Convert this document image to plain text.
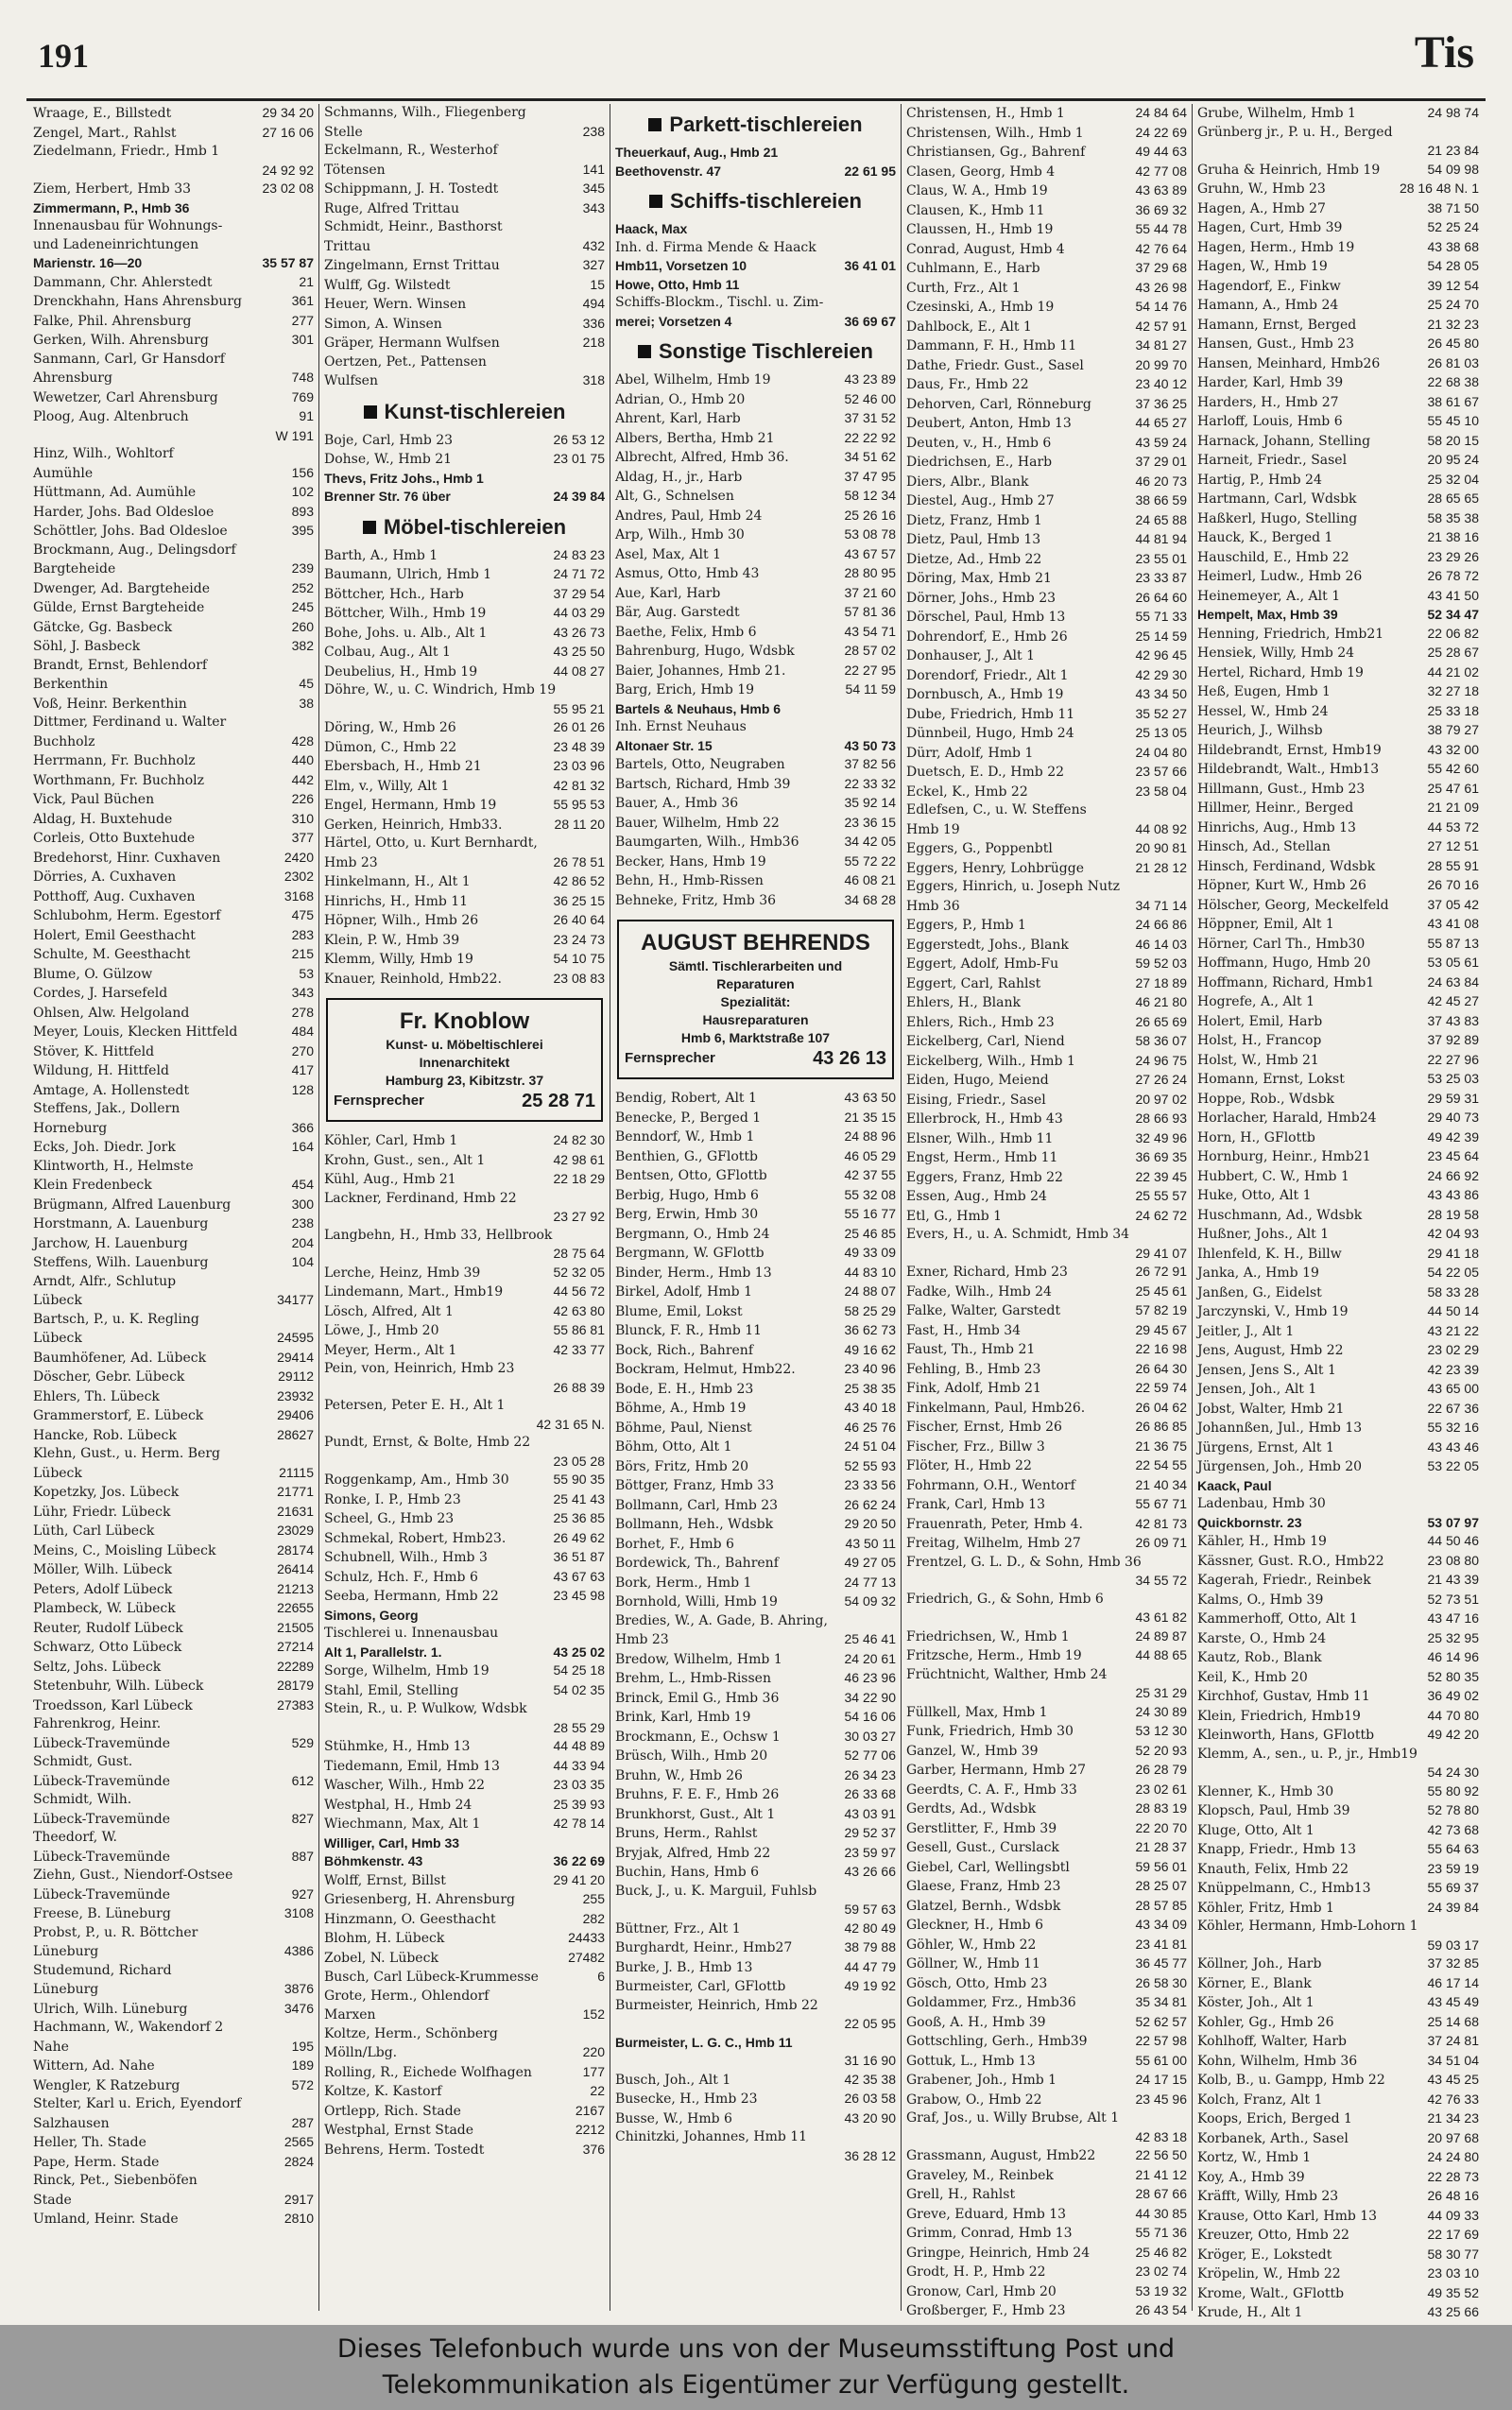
191	Tis
Wraage, E., Billstedt	29 34 20
Zengel, Mart., Rahlst	27 16 06
Ziedelmann, Friedr., Hmb 1
24 92 92
Ziem, Herbert, Hmb 33	23 02 08
Zimmermann, P., Hmb 36
Innenausbau für Wohnungs-
und Ladeneinrichtungen
Marienstr. 16—20	35 57 87
Dammann, Chr. Ahlerstedt	21
Drenckhahn, Hans Ahrensburg	361
Falke, Phil. Ahrensburg	277
Gerken, Wilh. Ahrensburg	301
Sanmann, Carl, Gr Hansdorf
Ahrensburg	748
Wewetzer, Carl Ahrensburg	769
Ploog, Aug. Altenbruch	91
W 191
Hinz, Wilh., Wohltorf
Aumühle	156
Hüttmann, Ad. Aumühle	102
Harder, Johs. Bad Oldesloe	893
Schöttler, Johs. Bad Oldesloe	395
Brockmann, Aug., Delingsdorf
Bargteheide	239
Dwenger, Ad. Bargteheide	252
Gülde, Ernst Bargteheide	245
Gätcke, Gg. Basbeck	260
Söhl, J. Basbeck	382
Brandt, Ernst, Behlendorf
Berkenthin	45
Voß, Heinr. Berkenthin	38
Dittmer, Ferdinand u. Walter
Buchholz	428
Herrmann, Fr. Buchholz	440
Worthmann, Fr. Buchholz	442
Vick, Paul Büchen	226
Aldag, H. Buxtehude	310
Corleis, Otto Buxtehude	377
Bredehorst, Hinr. Cuxhaven	2420
Dörries, A. Cuxhaven	2302
Potthoff, Aug. Cuxhaven	3168
Schlubohm, Herm. Egestorf	475
Holert, Emil Geesthacht	283
Schulte, M. Geesthacht	215
Blume, O. Gülzow	53
Cordes, J. Harsefeld	343
Ohlsen, Alw. Helgoland	278
Meyer, Louis, Klecken Hittfeld	484
Stöver, K. Hittfeld	270
Wildung, H. Hittfeld	417
Amtage, A. Hollenstedt	128
Steffens, Jak., Dollern
Horneburg	366
Ecks, Joh. Diedr. Jork	164
Klintworth, H., Helmste
Klein Fredenbeck	454
Brügmann, Alfred Lauenburg	300
Horstmann, A. Lauenburg	238
Jarchow, H. Lauenburg	204
Steffens, Wilh. Lauenburg	104
Arndt, Alfr., Schlutup
Lübeck	34177
Bartsch, P., u. K. Regling
Lübeck	24595
Baumhöfener, Ad. Lübeck	29414
Döscher, Gebr. Lübeck	29112
Ehlers, Th. Lübeck	23932
Grammerstorf, E. Lübeck	29406
Hancke, Rob. Lübeck	28627
Klehn, Gust., u. Herm. Berg
Lübeck	21115
Kopetzky, Jos. Lübeck	21771
Lühr, Friedr. Lübeck	21631
Lüth, Carl Lübeck	23029
Meins, C., Moisling Lübeck	28174
Möller, Wilh. Lübeck	26414
Peters, Adolf Lübeck	21213
Plambeck, W. Lübeck	22655
Reuter, Rudolf Lübeck	21505
Schwarz, Otto Lübeck	27214
Seltz, Johs. Lübeck	22289
Stetenbuhr, Wilh. Lübeck	28179
Troedsson, Karl Lübeck	27383
Fahrenkrog, Heinr.
Lübeck-Travemünde	529
Schmidt, Gust.
Lübeck-Travemünde	612
Schmidt, Wilh.
Lübeck-Travemünde	827
Theedorf, W.
Lübeck-Travemünde	887
Ziehn, Gust., Niendorf-Ostsee
Lübeck-Travemünde	927
Freese, B. Lüneburg	3108
Probst, P., u. R. Böttcher
Lüneburg	4386
Studemund, Richard
Lüneburg	3876
Ulrich, Wilh. Lüneburg	3476
Hachmann, W., Wakendorf 2
Nahe	195
Wittern, Ad. Nahe	189
Wengler, K Ratzeburg	572
Stelter, Karl u. Erich, Eyendorf
Salzhausen	287
Heller, Th. Stade	2565
Pape, Herm. Stade	2824
Rinck, Pet., Siebenböfen
Stade	2917
Umland, Heinr. Stade	2810
Schmanns, Wilh., Fliegenberg
Stelle	238
Eckelmann, R., Westerhof
Tötensen	141
Schippmann, J. H. Tostedt	345
Ruge, Alfred Trittau	343
Schmidt, Heinr., Basthorst
Trittau	432
Zingelmann, Ernst Trittau	327
Wulff, Gg. Wilstedt	15
Heuer, Wern. Winsen	494
Simon, A. Winsen	336
Gräper, Hermann Wulfsen	218
Oertzen, Pet., Pattensen
Wulfsen	318
Kunst-tischlereien
Boje, Carl, Hmb 23	26 53 12
Dohse, W., Hmb 21	23 01 75
Thevs, Fritz Johs., Hmb 1
Brenner Str. 76 über	24 39 84
Möbel-tischlereien
Barth, A., Hmb 1	24 83 23
Baumann, Ulrich, Hmb 1	24 71 72
Böttcher, Hch., Harb	37 29 54
Böttcher, Wilh., Hmb 19	44 03 29
Bohe, Johs. u. Alb., Alt 1	43 26 73
Colbau, Aug., Alt 1	43 25 50
Deubelius, H., Hmb 19	44 08 27
Döhre, W., u. C. Windrich, Hmb 19
55 95 21
Döring, W., Hmb 26	26 01 26
Dümon, C., Hmb 22	23 48 39
Ebersbach, H., Hmb 21	23 03 96
Elm, v., Willy, Alt 1	42 81 32
Engel, Hermann, Hmb 19	55 95 53
Gerken, Heinrich, Hmb33.	28 11 20
Härtel, Otto, u. Kurt Bernhardt,
Hmb 23	26 78 51
Hinkelmann, H., Alt 1	42 86 52
Hinrichs, H., Hmb 11	36 25 15
Höpner, Wilh., Hmb 26	26 40 64
Klein, P. W., Hmb 39	23 24 73
Klemm, Willy, Hmb 19	54 10 75
Knauer, Reinhold, Hmb22.	23 08 83
Fr. Knoblow
Kunst- u. Möbeltischlerei
Innenarchitekt
Hamburg 23, Kibitzstr. 37
Fernsprecher	25 28 71
Köhler, Carl, Hmb 1	24 82 30
Krohn, Gust., sen., Alt 1	42 98 61
Kühl, Aug., Hmb 21	22 18 29
Lackner, Ferdinand, Hmb 22
23 27 92
Langbehn, H., Hmb 33, Hellbrook
28 75 64
Lerche, Heinz, Hmb 39	52 32 05
Lindemann, Mart., Hmb19	44 56 72
Lösch, Alfred, Alt 1	42 63 80
Löwe, J., Hmb 20	55 86 81
Meyer, Herm., Alt 1	42 33 77
Pein, von, Heinrich, Hmb 23
26 88 39
Petersen, Peter E. H., Alt 1
42 31 65 N.
Pundt, Ernst, & Bolte, Hmb 22
23 05 28
Roggenkamp, Am., Hmb 30	55 90 35
Ronke, I. P., Hmb 23	25 41 43
Scheel, G., Hmb 23	25 36 85
Schmekal, Robert, Hmb23.	26 49 62
Schubnell, Wilh., Hmb 3	36 51 87
Schulz, Hch. F., Hmb 6	43 67 63
Seeba, Hermann, Hmb 22	23 45 98
Simons, Georg
Tischlerei u. Innenausbau
Alt 1, Parallelstr. 1.	43 25 02
Sorge, Wilhelm, Hmb 19	54 25 18
Stahl, Emil, Stelling	54 02 35
Stein, R., u. P. Wulkow, Wdsbk
28 55 29
Stühmke, H., Hmb 13	44 48 89
Tiedemann, Emil, Hmb 13	44 33 94
Wascher, Wilh., Hmb 22	23 03 35
Westphal, H., Hmb 24	25 39 93
Wiechmann, Max, Alt 1	42 78 14
Williger, Carl, Hmb 33
Böhmkenstr. 43	36 22 69
Wolff, Ernst, Billst	29 41 20
Griesenberg, H. Ahrensburg	255
Hinzmann, O. Geesthacht	282
Blohm, H. Lübeck	24433
Zobel, N. Lübeck	27482
Busch, Carl Lübeck-Krummesse	6
Grote, Herm., Ohlendorf
Marxen	152
Koltze, Herm., Schönberg
Mölln/Lbg.	220
Rolling, R., Eichede Wolfhagen	177
Koltze, K. Kastorf	22
Ortlepp, Rich. Stade	2167
Westphal, Ernst Stade	2212
Behrens, Herm. Tostedt	376
Parkett-tischlereien
Theuerkauf, Aug., Hmb 21
Beethovenstr. 47	22 61 95
Schiffs-tischlereien
Haack, Max
Inh. d. Firma Mende & Haack
Hmb11, Vorsetzen 10	36 41 01
Howe, Otto, Hmb 11
Schiffs-Blockm., Tischl. u. Zim-
merei; Vorsetzen 4	36 69 67
Sonstige Tischlereien
Abel, Wilhelm, Hmb 19	43 23 89
Adrian, O., Hmb 20	52 46 00
Ahrent, Karl, Harb	37 31 52
Albers, Bertha, Hmb 21	22 22 92
Albrecht, Alfred, Hmb 36.	34 51 62
Aldag, H., jr., Harb	37 47 95
Alt, G., Schnelsen	58 12 34
Andres, Paul, Hmb 24	25 26 16
Arp, Wilh., Hmb 30	53 08 78
Asel, Max, Alt 1	43 67 57
Asmus, Otto, Hmb 43	28 80 95
Aue, Karl, Harb	37 21 60
Bär, Aug. Garstedt	57 81 36
Baethe, Felix, Hmb 6	43 54 71
Bahrenburg, Hugo, Wdsbk	28 57 02
Baier, Johannes, Hmb 21.	22 27 95
Barg, Erich, Hmb 19	54 11 59
Bartels & Neuhaus, Hmb 6
Inh. Ernst Neuhaus
Altonaer Str. 15	43 50 73
Bartels, Otto, Neugraben	37 82 56
Bartsch, Richard, Hmb 39	22 33 32
Bauer, A., Hmb 36	35 92 14
Bauer, Wilhelm, Hmb 22	23 36 15
Baumgarten, Wilh., Hmb36	34 42 05
Becker, Hans, Hmb 19	55 72 22
Behn, H., Hmb-Rissen	46 08 21
Behneke, Fritz, Hmb 36	34 68 28
AUGUST BEHRENDS
Sämtl. Tischlerarbeiten und
Reparaturen
Spezialität:
Hausreparaturen
Hmb 6, Marktstraße 107
Fernsprecher	43 26 13
Bendig, Robert, Alt 1	43 63 50
Benecke, P., Berged 1	21 35 15
Benndorf, W., Hmb 1	24 88 96
Benthien, G., GFlottb	46 05 29
Bentsen, Otto, GFlottb	42 37 55
Berbig, Hugo, Hmb 6	55 32 08
Berg, Erwin, Hmb 30	55 16 77
Bergmann, O., Hmb 24	25 46 85
Bergmann, W. GFlottb	49 33 09
Binder, Herm., Hmb 13	44 83 10
Birkel, Adolf, Hmb 1	24 88 07
Blume, Emil, Lokst	58 25 29
Blunck, F. R., Hmb 11	36 62 73
Bock, Rich., Bahrenf	49 16 62
Bockram, Helmut, Hmb22.	23 40 96
Bode, E. H., Hmb 23	25 38 35
Böhme, A., Hmb 19	43 40 18
Böhme, Paul, Nienst	46 25 76
Böhm, Otto, Alt 1	24 51 04
Börs, Fritz, Hmb 20	52 55 93
Böttger, Franz, Hmb 33	23 33 56
Bollmann, Carl, Hmb 23	26 62 24
Bollmann, Heh., Wdsbk	29 20 50
Borhet, F., Hmb 6	43 50 11
Bordewick, Th., Bahrenf	49 27 05
Bork, Herm., Hmb 1	24 77 13
Bornhold, Willi, Hmb 19	54 09 32
Bredies, W., A. Gade, B. Ahring,
Hmb 23	25 46 41
Bredow, Wilhelm, Hmb 1	24 20 61
Brehm, L., Hmb-Rissen	46 23 96
Brinck, Emil G., Hmb 36	34 22 90
Brink, Karl, Hmb 19	54 16 06
Brockmann, E., Ochsw 1	30 03 27
Brüsch, Wilh., Hmb 20	52 77 06
Bruhn, W., Hmb 26	26 34 23
Bruhns, F. E. F., Hmb 26	26 33 68
Brunkhorst, Gust., Alt 1	43 03 91
Bruns, Herm., Rahlst	29 52 37
Bryjak, Alfred, Hmb 22	23 59 97
Buchin, Hans, Hmb 6	43 26 66
Buck, J., u. K. Marguil, Fuhlsb
59 57 63
Büttner, Frz., Alt 1	42 80 49
Burghardt, Heinr., Hmb27	38 79 88
Burke, J. B., Hmb 13	44 47 79
Burmeister, Carl, GFlottb	49 19 92
Burmeister, Heinrich, Hmb 22
22 05 95
Burmeister, L. G. C., Hmb 11
31 16 90
Busch, Joh., Alt 1	42 35 38
Busecke, H., Hmb 23	26 03 58
Busse, W., Hmb 6	43 20 90
Chinitzki, Johannes, Hmb 11
36 28 12
Christensen, H., Hmb 1	24 84 64
Christensen, Wilh., Hmb 1	24 22 69
Christiansen, Gg., Bahrenf	49 44 63
Clasen, Georg, Hmb 4	42 77 08
Claus, W. A., Hmb 19	43 63 89
Clausen, K., Hmb 11	36 69 32
Claussen, H., Hmb 19	55 44 78
Conrad, August, Hmb 4	42 76 64
Cuhlmann, E., Harb	37 29 68
Curth, Frz., Alt 1	43 26 98
Czesinski, A., Hmb 19	54 14 76
Dahlbock, E., Alt 1	42 57 91
Dammann, F. H., Hmb 11	34 81 27
Dathe, Friedr. Gust., Sasel	20 99 70
Daus, Fr., Hmb 22	23 40 12
Dehorven, Carl, Rönneburg	37 36 25
Deubert, Anton, Hmb 13	44 65 27
Deuten, v., H., Hmb 6	43 59 24
Diedrichsen, E., Harb	37 29 01
Diers, Albr., Blank	46 20 73
Diestel, Aug., Hmb 27	38 66 59
Dietz, Franz, Hmb 1	24 65 88
Dietz, Paul, Hmb 13	44 81 94
Dietze, Ad., Hmb 22	23 55 01
Döring, Max, Hmb 21	23 33 87
Dörner, Johs., Hmb 23	26 64 60
Dörschel, Paul, Hmb 13	55 71 33
Dohrendorf, E., Hmb 26	25 14 59
Donhauser, J., Alt 1	42 96 45
Dorendorf, Friedr., Alt 1	42 29 30
Dornbusch, A., Hmb 19	43 34 50
Dube, Friedrich, Hmb 11	35 52 27
Dünnbeil, Hugo, Hmb 24	25 13 05
Dürr, Adolf, Hmb 1	24 04 80
Duetsch, E. D., Hmb 22	23 57 66
Eckel, K., Hmb 22	23 58 04
Edlefsen, C., u. W. Steffens
Hmb 19	44 08 92
Eggers, G., Poppenbtl	20 90 81
Eggers, Henry, Lohbrügge	21 28 12
Eggers, Hinrich, u. Joseph Nutz
Hmb 36	34 71 14
Eggers, P., Hmb 1	24 66 86
Eggerstedt, Johs., Blank	46 14 03
Eggert, Adolf, Hmb-Fu	59 52 03
Eggert, Carl, Rahlst	27 18 89
Ehlers, H., Blank	46 21 80
Ehlers, Rich., Hmb 23	26 65 69
Eickelberg, Carl, Niend	58 36 07
Eickelberg, Wilh., Hmb 1	24 96 75
Eiden, Hugo, Meiend	27 26 24
Eising, Friedr., Sasel	20 97 02
Ellerbrock, H., Hmb 43	28 66 93
Elsner, Wilh., Hmb 11	32 49 96
Engst, Herm., Hmb 11	36 69 35
Eggers, Franz, Hmb 22	22 39 45
Essen, Aug., Hmb 24	25 55 57
Etl, G., Hmb 1	24 62 72
Evers, H., u. A. Schmidt, Hmb 34
29 41 07
Exner, Richard, Hmb 23	26 72 91
Fadke, Wilh., Hmb 24	25 45 61
Falke, Walter, Garstedt	57 82 19
Fast, H., Hmb 34	29 45 67
Faust, Th., Hmb 21	22 16 98
Fehling, B., Hmb 23	26 64 30
Fink, Adolf, Hmb 21	22 59 74
Finkelmann, Paul, Hmb26.	26 04 62
Fischer, Ernst, Hmb 26	26 86 85
Fischer, Frz., Billw 3	21 36 75
Flöter, H., Hmb 22	22 54 55
Fohrmann, O.H., Wentorf	21 40 34
Frank, Carl, Hmb 13	55 67 71
Frauenrath, Peter, Hmb 4.	42 81 73
Freitag, Wilhelm, Hmb 27	26 09 71
Frentzel, G. L. D., & Sohn, Hmb 36
34 55 72
Friedrich, G., & Sohn, Hmb 6
43 61 82
Friedrichsen, W., Hmb 1	24 89 87
Fritzsche, Herm., Hmb 19	44 88 65
Früchtnicht, Walther, Hmb 24
25 31 29
Füllkell, Max, Hmb 1	24 30 89
Funk, Friedrich, Hmb 30	53 12 30
Ganzel, W., Hmb 39	52 20 93
Garber, Hermann, Hmb 27	26 28 79
Geerdts, C. A. F., Hmb 33	23 02 61
Gerdts, Ad., Wdsbk	28 83 19
Gerstlitter, F., Hmb 39	22 20 70
Gesell, Gust., Curslack	21 28 37
Giebel, Carl, Wellingsbtl	59 56 01
Glaese, Franz, Hmb 23	28 25 07
Glatzel, Bernh., Wdsbk	28 57 85
Gleckner, H., Hmb 6	43 34 09
Göhler, W., Hmb 22	23 41 81
Göllner, W., Hmb 11	36 45 77
Gösch, Otto, Hmb 23	26 58 30
Goldammer, Frz., Hmb36	35 34 81
Gooß, A. H., Hmb 39	52 62 57
Gottschling, Gerh., Hmb39	22 57 98
Gottuk, L., Hmb 13	55 61 00
Grabener, Joh., Hmb 1	24 17 15
Grabow, O., Hmb 22	23 45 96
Graf, Jos., u. Willy Brubse, Alt 1
42 83 18
Grassmann, August, Hmb22	22 56 50
Graveley, M., Reinbek	21 41 12
Grell, H., Rahlst	28 67 66
Greve, Eduard, Hmb 13	44 30 85
Grimm, Conrad, Hmb 13	55 71 36
Gringpe, Heinrich, Hmb 24	25 46 82
Grodt, H. P., Hmb 22	23 02 74
Gronow, Carl, Hmb 20	53 19 32
Großberger, F., Hmb 23	26 43 54
Grube, Wilhelm, Hmb 1	24 98 74
Grünberg jr., P. u. H., Berged
21 23 84
Gruha & Heinrich, Hmb 19	54 09 98
Gruhn, W., Hmb 23	28 16 48 N. 1
Hagen, A., Hmb 27	38 71 50
Hagen, Curt, Hmb 39	52 25 24
Hagen, Herm., Hmb 19	43 38 68
Hagen, W., Hmb 19	54 28 05
Hagendorf, E., Finkw	39 12 54
Hamann, A., Hmb 24	25 24 70
Hamann, Ernst, Berged	21 32 23
Hansen, Gust., Hmb 23	26 45 80
Hansen, Meinhard, Hmb26	26 81 03
Harder, Karl, Hmb 39	22 68 38
Harders, H., Hmb 27	38 61 67
Harloff, Louis, Hmb 6	55 45 10
Harnack, Johann, Stelling	58 20 15
Harneit, Friedr., Sasel	20 95 24
Hartig, P., Hmb 24	25 32 04
Hartmann, Carl, Wdsbk	28 65 65
Haßkerl, Hugo, Stelling	58 35 38
Hauck, K., Berged 1	21 38 16
Hauschild, E., Hmb 22	23 29 26
Heimerl, Ludw., Hmb 26	26 78 72
Heinemeyer, A., Alt 1	43 41 50
Hempelt, Max, Hmb 39	52 34 47
Henning, Friedrich, Hmb21	22 06 82
Hensiek, Willy, Hmb 24	25 28 67
Hertel, Richard, Hmb 19	44 21 02
Heß, Eugen, Hmb 1	32 27 18
Hessel, W., Hmb 24	25 33 18
Heurich, J., Wilhsb	38 79 27
Hildebrandt, Ernst, Hmb19	43 32 00
Hildebrandt, Walt., Hmb13	55 42 60
Hillmann, Gust., Hmb 23	25 47 61
Hillmer, Heinr., Berged	21 21 09
Hinrichs, Aug., Hmb 13	44 53 72
Hinsch, Ad., Stellan	27 12 51
Hinsch, Ferdinand, Wdsbk	28 55 91
Höpner, Kurt W., Hmb 26	26 70 16
Hölscher, Georg, Meckelfeld	37 05 42
Höppner, Emil, Alt 1	43 41 08
Hörner, Carl Th., Hmb30	55 87 13
Hoffmann, Hugo, Hmb 20	53 05 61
Hoffmann, Richard, Hmb1	24 63 84
Hogrefe, A., Alt 1	42 45 27
Holert, Emil, Harb	37 43 83
Holst, H., Francop	37 92 89
Holst, W., Hmb 21	22 27 96
Homann, Ernst, Lokst	53 25 03
Hoppe, Rob., Wdsbk	29 59 31
Horlacher, Harald, Hmb24	29 40 73
Horn, H., GFlottb	49 42 39
Hornburg, Heinr., Hmb21	23 45 64
Hubbert, C. W., Hmb 1	24 66 92
Huke, Otto, Alt 1	43 43 86
Huschmann, Ad., Wdsbk	28 19 58
Hußner, Johs., Alt 1	42 04 93
Ihlenfeld, K. H., Billw	29 41 18
Janka, A., Hmb 19	54 22 05
Janßen, G., Eidelst	58 33 28
Jarczynski, V., Hmb 19	44 50 14
Jeitler, J., Alt 1	43 21 22
Jens, August, Hmb 22	23 02 29
Jensen, Jens S., Alt 1	42 23 39
Jensen, Joh., Alt 1	43 65 00
Jobst, Walter, Hmb 21	22 67 36
Johannßen, Jul., Hmb 13	55 32 16
Jürgens, Ernst, Alt 1	43 43 46
Jürgensen, Joh., Hmb 20	53 22 05
Kaack, Paul
Ladenbau, Hmb 30
Quickbornstr. 23	53 07 97
Kähler, H., Hmb 19	44 50 46
Kässner, Gust. R.O., Hmb22	23 08 80
Kagerah, Friedr., Reinbek	21 43 39
Kalms, O., Hmb 39	52 73 51
Kammerhoff, Otto, Alt 1	43 47 16
Karste, O., Hmb 24	25 32 95
Kautz, Rob., Blank	46 14 96
Keil, K., Hmb 20	52 80 35
Kirchhof, Gustav, Hmb 11	36 49 02
Klein, Friedrich, Hmb19	44 70 80
Kleinworth, Hans, GFlottb	49 42 20
Klemm, A., sen., u. P., jr., Hmb19
54 24 30
Klenner, K., Hmb 30	55 80 92
Klopsch, Paul, Hmb 39	52 78 80
Kluge, Otto, Alt 1	42 73 68
Knapp, Friedr., Hmb 13	55 64 63
Knauth, Felix, Hmb 22	23 59 19
Knüppelmann, C., Hmb13	55 69 37
Köhler, Fritz, Hmb 1	24 39 84
Köhler, Hermann, Hmb-Lohorn 1
59 03 17
Köllner, Joh., Harb	37 32 85
Körner, E., Blank	46 17 14
Köster, Joh., Alt 1	43 45 49
Kohler, Gg., Hmb 26	25 14 68
Kohlhoff, Walter, Harb	37 24 81
Kohn, Wilhelm, Hmb 36	34 51 04
Kolb, B., u. Gampp, Hmb 22	43 45 25
Kolch, Franz, Alt 1	42 76 33
Koops, Erich, Berged 1	21 34 23
Korbanek, Arth., Sasel	20 97 68
Kortz, W., Hmb 1	24 24 80
Koy, A., Hmb 39	22 28 73
Kräfft, Willy, Hmb 23	26 48 16
Krause, Otto Karl, Hmb 13	44 09 33
Kreuzer, Otto, Hmb 22	22 17 69
Kröger, E., Lokstedt	58 30 77
Kröpelin, W., Hmb 22	23 03 10
Krome, Walt., GFlottb	49 35 52
Krude, H., Alt 1	43 25 66
Dieses Telefonbuch wurde uns von der Museumsstiftung Post und
Telekommunikation als Eigentümer zur Verfügung gestellt.
